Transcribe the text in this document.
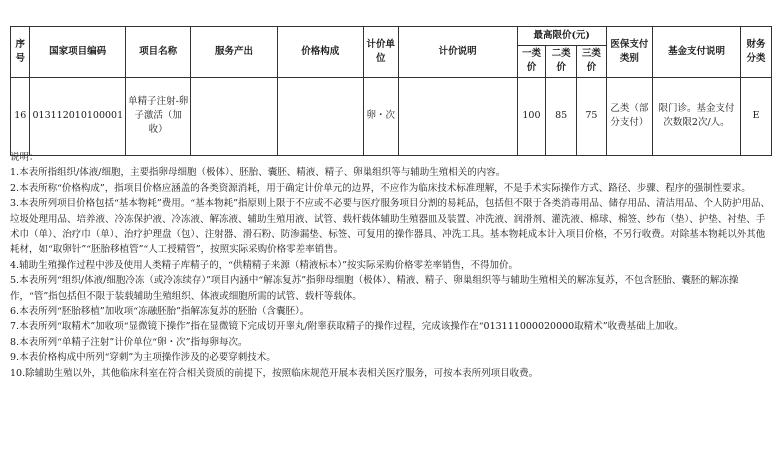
序号	国家项目编码	项目名称	服务产出	价格构成	计价单位	计价说明	最高限价(元)			医保支付类别	基金支付说明	财务分类
							一类价	二类价	三类价			
16	013112010100001	单精子注射-卵子激活（加收）			卵・次		100	85	75	乙类（部分支付）	限门诊。基金支付次数限2次/人。	E
说明：
1.本表所指组织/体液/细胞，主要指卵母细胞（极体）、胚胎、囊胚、精液、精子、卵巢组织等与辅助生殖相关的内容。
2.本表所称“价格构成”，指项目价格应涵盖的各类资源消耗，用于确定计价单元的边界，不应作为临床技术标准理解，不是手术实际操作方式、路径、步骤、程序的强制性要求。
3.本表所列项目价格包括“基本物耗”费用。“基本物耗”指原则上限于不应或不必要与医疗服务项目分割的易耗品，包括但不限于各类消毒用品、储存用品、清洁用品、个人防护用品、垃圾处理用品、培养液、冷冻保护液、冷冻液、解冻液、辅助生殖用液、试管、载杆载体辅助生殖器皿及装置、冲洗液、润滑剂、灌洗液、棉球、棉签、纱布（垫）、护垫、衬垫、手术巾（单）、治疗巾（单）、治疗护理盘（包）、注射器、滑石粉、防渗漏垫、标签、可复用的操作器具、冲洗工具。基本物耗成本计入项目价格，不另行收费。对除基本物耗以外其他耗材，如“取卵针”“胚胎移植管”“人工授精管”，按照实际采购价格零差率销售。
4.辅助生殖操作过程中涉及使用人类精子库精子的，“供精精子来源（精液标本）”按实际采购价格零差率销售，不得加价。
5.本表所列“组织/体液/细胞冷冻（或冷冻续存）”项目内涵中“解冻复苏”指卵母细胞（极体）、精液、精子、卵巢组织等与辅助生殖相关的解冻复苏，不包含胚胎、囊胚的解冻操作，“管”指包括但不限于装载辅助生殖组织、体液或细胞所需的试管、载杆等载体。
6.本表所列“胚胎移植”加收项“冻融胚胎”指解冻复苏的胚胎（含囊胚）。
7.本表所列“取精术”加收项“显微镜下操作”指在显微镜下完成切开睾丸/附睾获取精子的操作过程，完成该操作在“013111000020000取精术”收费基础上加收。
8.本表所列“单精子注射”计价单位“卵・次”指每卵每次。
9.本表价格构成中所列“穿刺”为主项操作涉及的必要穿刺技术。
10.除辅助生殖以外，其他临床科室在符合相关资质的前提下，按照临床规范开展本表相关医疗服务，可按本表所列项目收费。
